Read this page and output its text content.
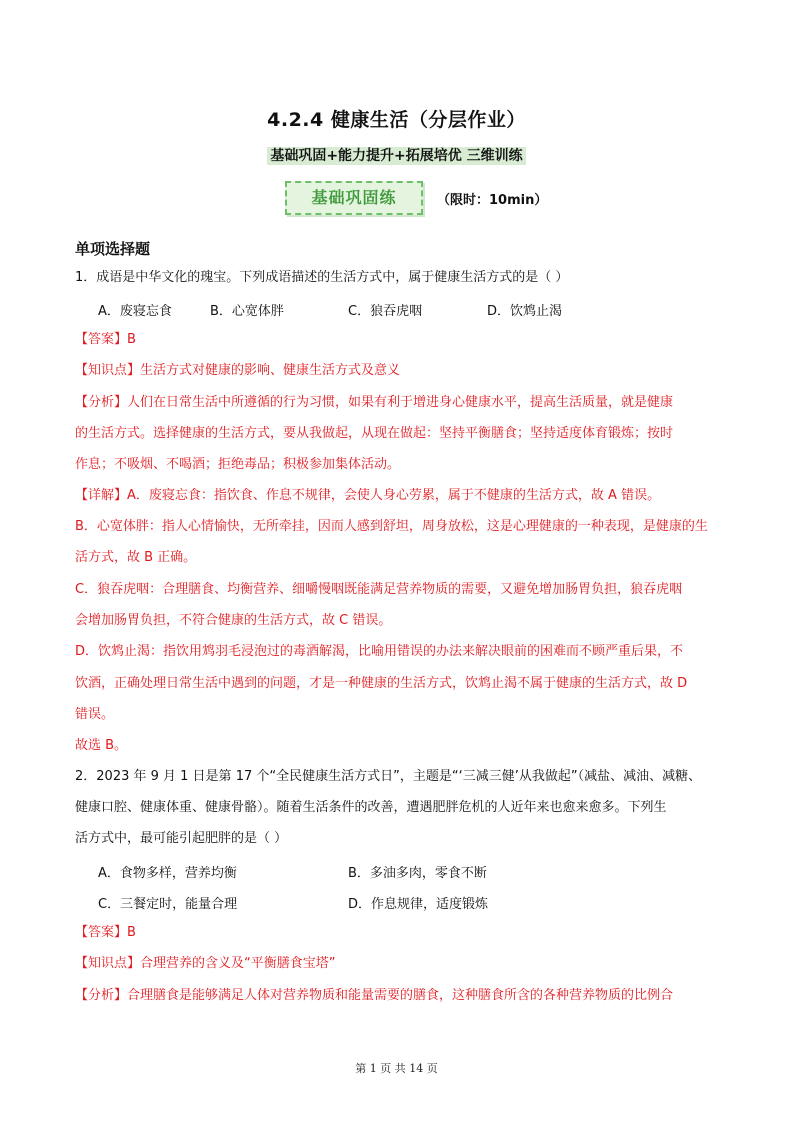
4.2.4 健康生活（分层作业）
基础巩固+能力提升+拓展培优 三维训练
基础巩固练	（限时：10min）
单项选择题
1．成语是中华文化的瑰宝。下列成语描述的生活方式中，属于健康生活方式的是（ ）
A．废寝忘食	B．心宽体胖	C．狼吞虎咽	D．饮鸩止渴
【答案】B
【知识点】生活方式对健康的影响、健康生活方式及意义
【分析】人们在日常生活中所遵循的行为习惯，如果有利于增进身心健康水平，提高生活质量，就是健康
的生活方式。选择健康的生活方式，要从我做起，从现在做起：坚持平衡膳食；坚持适度体育锻炼；按时
作息；不吸烟、不喝酒；拒绝毒品；积极参加集体活动。
【详解】A．废寝忘食：指饮食、作息不规律，会使人身心劳累，属于不健康的生活方式，故 A 错误。
B．心宽体胖：指人心情愉快，无所牵挂，因而人感到舒坦，周身放松，这是心理健康的一种表现，是健康的生
活方式，故 B 正确。
C．狼吞虎咽：合理膳食、均衡营养、细嚼慢咽既能满足营养物质的需要，又避免增加肠胃负担，狼吞虎咽
会增加肠胃负担，不符合健康的生活方式，故 C 错误。
D．饮鸩止渴：指饮用鸩羽毛浸泡过的毒酒解渴，比喻用错误的办法来解决眼前的困难而不顾严重后果，不
饮酒，正确处理日常生活中遇到的问题，才是一种健康的生活方式，饮鸩止渴不属于健康的生活方式，故 D
错误。
故选 B。
2．2023 年 9 月 1 日是第 17 个“全民健康生活方式日”，主题是“‘三减三健’从我做起”（减盐、减油、减糖、
健康口腔、健康体重、健康骨骼）。随着生活条件的改善，遭遇肥胖危机的人近年来也愈来愈多。下列生
活方式中，最可能引起肥胖的是（ ）
A．食物多样，营养均衡	B．多油多肉，零食不断
C．三餐定时，能量合理	D．作息规律，适度锻炼
【答案】B
【知识点】合理营养的含义及“平衡膳食宝塔”
【分析】合理膳食是能够满足人体对营养物质和能量需要的膳食，这种膳食所含的各种营养物质的比例合
第 1 页 共 14 页
